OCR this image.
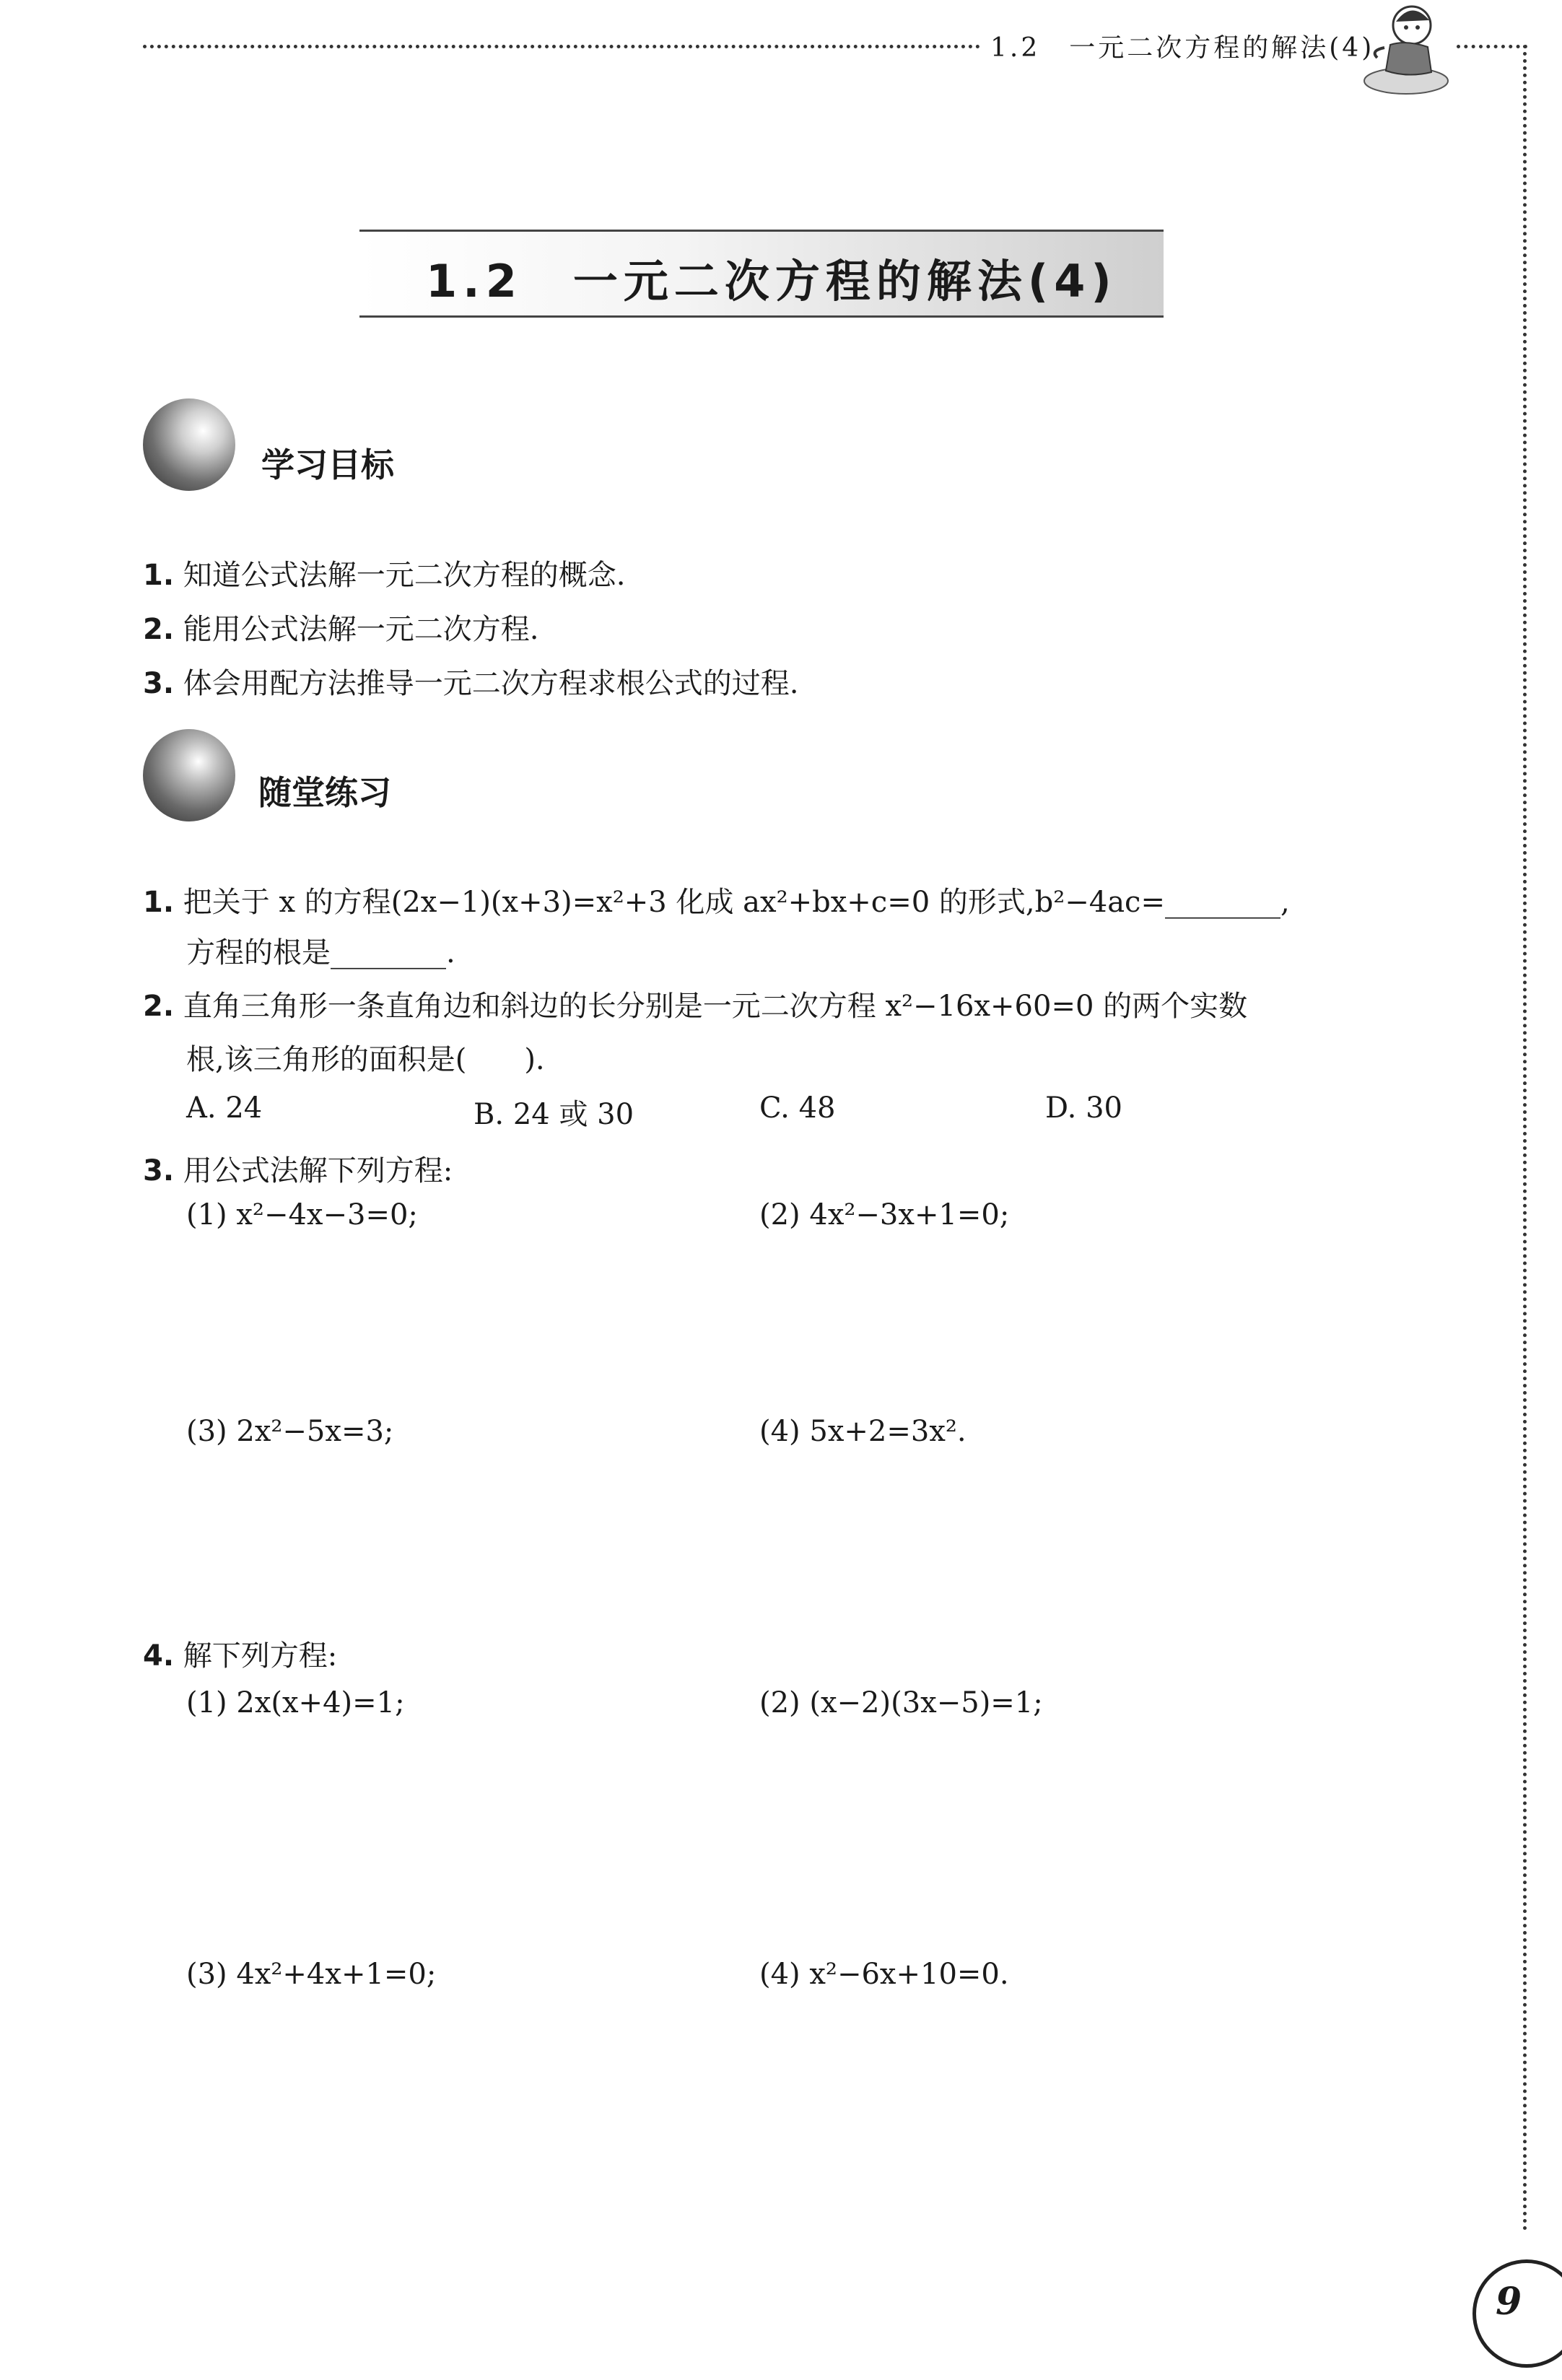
1.2　一元二次方程的解法(4)
1.2　 一元二次方程的解法(4)
学习目标
1. 知道公式法解一元二次方程的概念.
2. 能用公式法解一元二次方程.
3. 体会用配方法推导一元二次方程求根公式的过程.
随堂练习
1. 把关于 x 的方程(2x−1)(x+3)=x²+3 化成 ax²+bx+c=0 的形式,b²−4ac=________,
方程的根是________.
2. 直角三角形一条直角边和斜边的长分别是一元二次方程 x²−16x+60=0 的两个实数
根,该三角形的面积是(　　).
A. 24	B. 24 或 30	C. 48	D. 30
3. 用公式法解下列方程:
(1) x²−4x−3=0;	(2) 4x²−3x+1=0;
(3) 2x²−5x=3;	(4) 5x+2=3x².
4. 解下列方程:
(1) 2x(x+4)=1;	(2) (x−2)(3x−5)=1;
(3) 4x²+4x+1=0;	(4) x²−6x+10=0.
9
